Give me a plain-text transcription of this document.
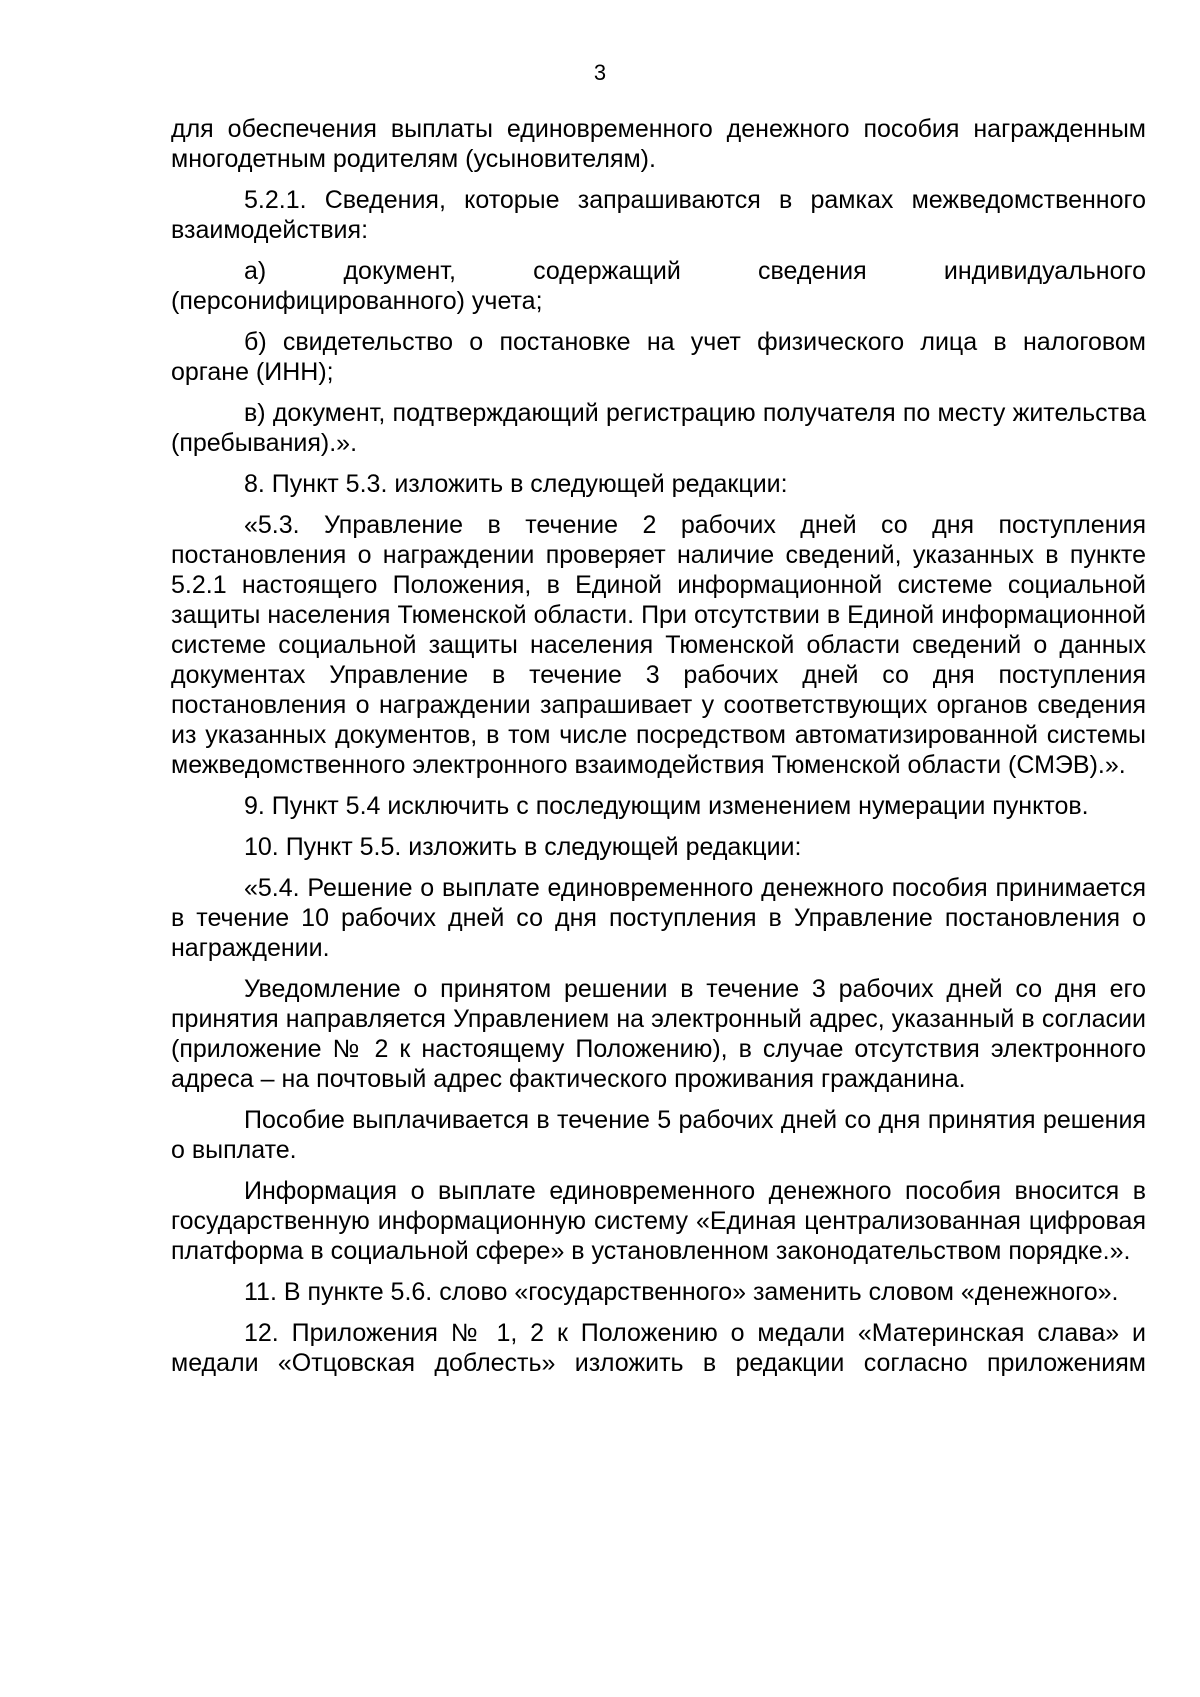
3

для обеспечения выплаты единовременного денежного пособия награжденным многодетным родителям (усыновителям).

5.2.1. Сведения, которые запрашиваются в рамках межведомственного взаимодействия:

а) документ, содержащий сведения индивидуального (персонифицированного) учета;

б) свидетельство о постановке на учет физического лица в налоговом органе (ИНН);

в) документ, подтверждающий регистрацию получателя по месту жительства (пребывания).».

8. Пункт 5.3. изложить в следующей редакции:

«5.3. Управление в течение 2 рабочих дней со дня поступления постановления о награждении проверяет наличие сведений, указанных в пункте 5.2.1 настоящего Положения, в Единой информационной системе социальной защиты населения Тюменской области. При отсутствии в Единой информационной системе социальной защиты населения Тюменской области сведений о данных документах Управление в течение 3 рабочих дней со дня поступления постановления о награждении запрашивает у соответствующих органов сведения из указанных документов, в том числе посредством автоматизированной системы межведомственного электронного взаимодействия Тюменской области (СМЭВ).».

9. Пункт 5.4 исключить с последующим изменением нумерации пунктов.

10. Пункт 5.5. изложить в следующей редакции:

«5.4. Решение о выплате единовременного денежного пособия принимается в течение 10 рабочих дней со дня поступления в Управление постановления о награждении.

Уведомление о принятом решении в течение 3 рабочих дней со дня его принятия направляется Управлением на электронный адрес, указанный в согласии (приложение № 2 к настоящему Положению), в случае отсутствия электронного адреса – на почтовый адрес фактического проживания гражданина.

Пособие выплачивается в течение 5 рабочих дней со дня принятия решения о выплате.

Информация о выплате единовременного денежного пособия вносится в государственную информационную систему «Единая централизованная цифровая платформа в социальной сфере» в установленном законодательством порядке.».

11. В пункте 5.6. слово «государственного» заменить словом «денежного».

12. Приложения № 1, 2 к Положению о медали «Материнская слава» и медали «Отцовская доблесть» изложить в редакции согласно приложениям
